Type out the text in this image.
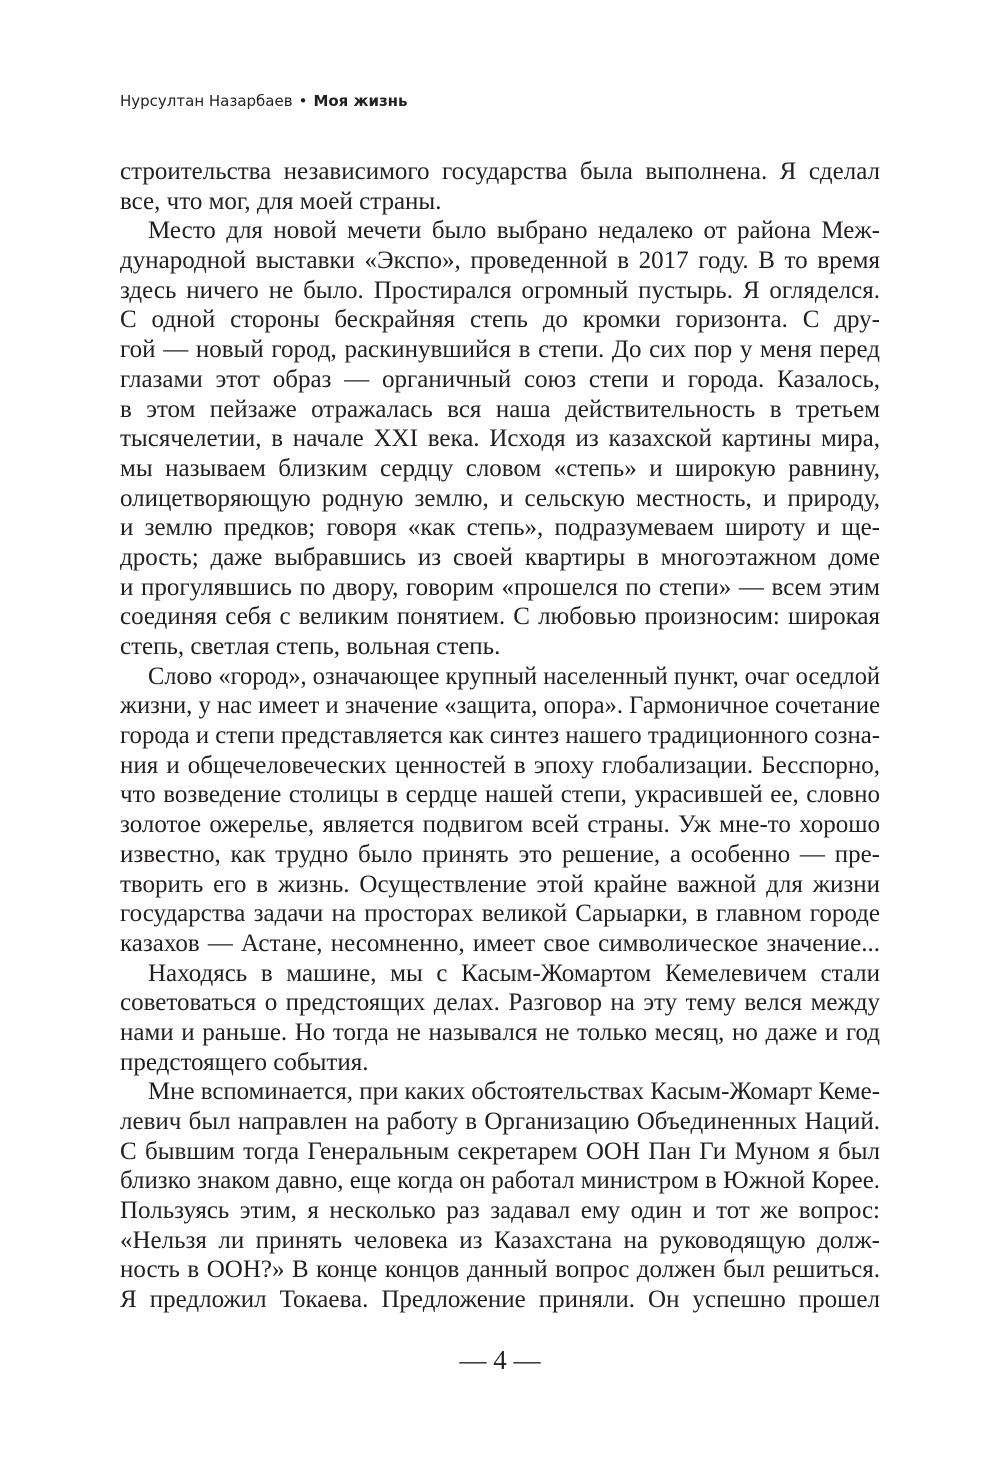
Нурсултан Назарбаев • Моя жизнь
строительства независимого государства была выполнена. Я сделал
все, что мог, для моей страны.
Место для новой мечети было выбрано недалеко от района Меж-
дународной выставки «Экспо», проведенной в 2017 году. В то время
здесь ничего не было. Простирался огромный пустырь. Я огляделся.
С одной стороны бескрайняя степь до кромки горизонта. С дру-
гой — новый город, раскинувшийся в степи. До сих пор у меня перед
глазами этот образ — органичный союз степи и города. Казалось,
в этом пейзаже отражалась вся наша действительность в третьем
тысячелетии, в начале XXI века. Исходя из казахской картины мира,
мы называем близким сердцу словом «степь» и широкую равнину,
олицетворяющую родную землю, и сельскую местность, и природу,
и землю предков; говоря «как степь», подразумеваем широту и ще-
дрость; даже выбравшись из своей квартиры в многоэтажном доме
и прогулявшись по двору, говорим «прошелся по степи» — всем этим
соединяя себя с великим понятием. С любовью произносим: широкая
степь, светлая степь, вольная степь.
Слово «город», означающее крупный населенный пункт, очаг оседлой
жизни, у нас имеет и значение «защита, опора». Гармоничное сочетание
города и степи представляется как синтез нашего традиционного созна-
ния и общечеловеческих ценностей в эпоху глобализации. Бесспорно,
что возведение столицы в сердце нашей степи, украсившей ее, словно
золотое ожерелье, является подвигом всей страны. Уж мне-то хорошо
известно, как трудно было принять это решение, а особенно — пре-
творить его в жизнь. Осуществление этой крайне важной для жизни
государства задачи на просторах великой Сарыарки, в главном городе
казахов — Астане, несомненно, имеет свое символическое значение...
Находясь в машине, мы с Касым-Жомартом Кемелевичем стали
советоваться о предстоящих делах. Разговор на эту тему велся между
нами и раньше. Но тогда не назывался не только месяц, но даже и год
предстоящего события.
Мне вспоминается, при каких обстоятельствах Касым-Жомарт Кеме-
левич был направлен на работу в Организацию Объединенных Наций.
С бывшим тогда Генеральным секретарем ООН Пан Ги Муном я был
близко знаком давно, еще когда он работал министром в Южной Корее.
Пользуясь этим, я несколько раз задавал ему один и тот же вопрос:
«Нельзя ли принять человека из Казахстана на руководящую долж-
ность в ООН?» В конце концов данный вопрос должен был решиться.
Я предложил Токаева. Предложение приняли. Он успешно прошел
— 4 —
